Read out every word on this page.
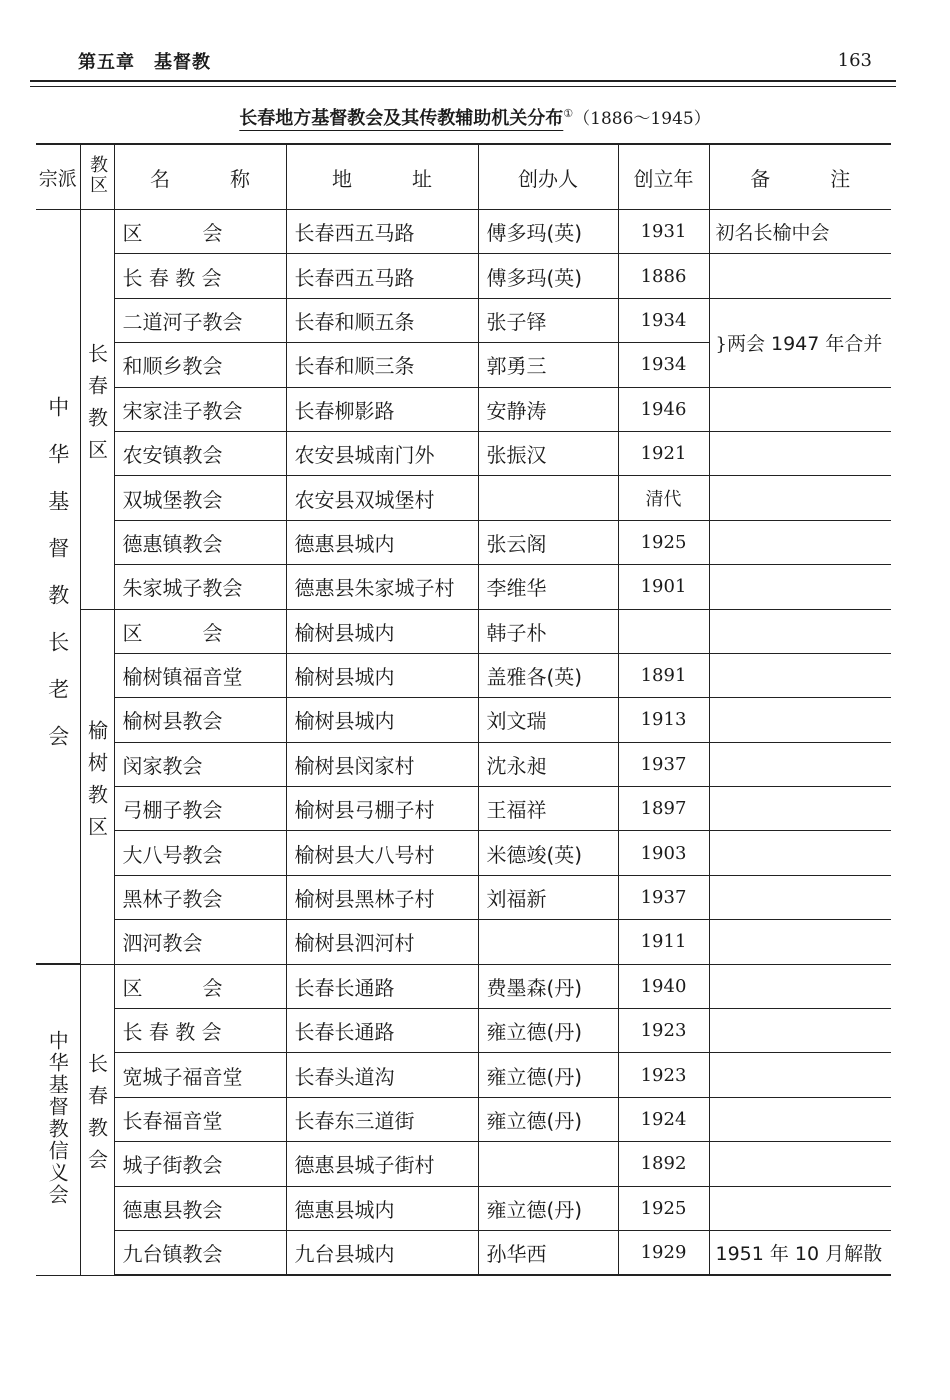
第五章　基督教	163
长春地方基督教会及其传教辅助机关分布①（1886～1945）
宗派	教区	名　　　称	地　　　址	创办人	创立年	备　　　注
中华基督教长老会	长春教区	区　　　会	长春西五马路	傅多玛(英)	1931	初名长榆中会
		长 春 教 会	长春西五马路	傅多玛(英)	1886	
		二道河子教会	长春和顺五条	张子铎	1934	}两会 1947 年合并
		和顺乡教会	长春和顺三条	郭勇三	1934	
		宋家洼子教会	长春柳影路	安静涛	1946	
		农安镇教会	农安县城南门外	张振汉	1921	
		双城堡教会	农安县双城堡村		清代	
		德惠镇教会	德惠县城内	张云阁	1925	
		朱家城子教会	德惠县朱家城子村	李维华	1901	
	榆树教区	区　　　会	榆树县城内	韩子朴		
		榆树镇福音堂	榆树县城内	盖雅各(英)	1891	
		榆树县教会	榆树县城内	刘文瑞	1913	
		闵家教会	榆树县闵家村	沈永昶	1937	
		弓棚子教会	榆树县弓棚子村	王福祥	1897	
		大八号教会	榆树县大八号村	米德竣(英)	1903	
		黑林子教会	榆树县黑林子村	刘福新	1937	
		泗河教会	榆树县泗河村		1911	
中华基督教信义会	长春教会	区　　　会	长春长通路	费墨森(丹)	1940	
		长 春 教 会	长春长通路	雍立德(丹)	1923	
		宽城子福音堂	长春头道沟	雍立德(丹)	1923	
		长春福音堂	长春东三道街	雍立德(丹)	1924	
		城子街教会	德惠县城子街村		1892	
		德惠县教会	德惠县城内	雍立德(丹)	1925	
		九台镇教会	九台县城内	孙华西	1929	1951 年 10 月解散
